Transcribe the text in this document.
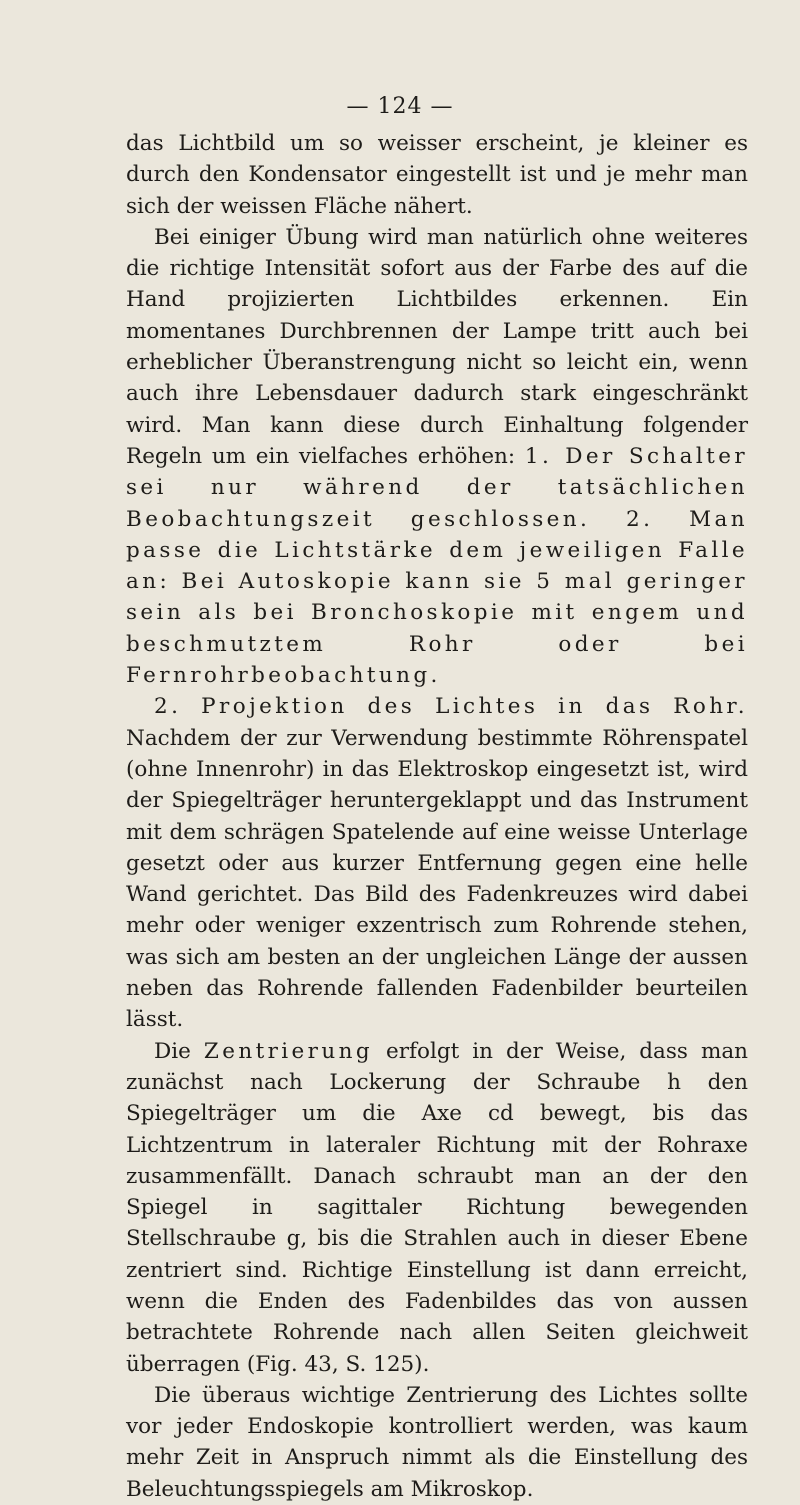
— 124 —

das Lichtbild um so weisser erscheint, je kleiner es durch den Kondensator eingestellt ist und je mehr man sich der weissen Fläche nähert.

Bei einiger Übung wird man natürlich ohne weiteres die richtige Intensität sofort aus der Farbe des auf die Hand projizierten Lichtbildes erkennen. Ein momentanes Durchbrennen der Lampe tritt auch bei erheblicher Überanstrengung nicht so leicht ein, wenn auch ihre Lebensdauer dadurch stark eingeschränkt wird. Man kann diese durch Einhaltung folgender Regeln um ein vielfaches erhöhen: 1. Der Schalter sei nur während der tatsächlichen Beobachtungszeit geschlossen. 2. Man passe die Lichtstärke dem jeweiligen Falle an: Bei Autoskopie kann sie 5 mal geringer sein als bei Bronchoskopie mit engem und beschmutztem Rohr oder bei Fernrohrbeobachtung.

2. Projektion des Lichtes in das Rohr. Nachdem der zur Verwendung bestimmte Röhrenspatel (ohne Innenrohr) in das Elektroskop eingesetzt ist, wird der Spiegelträger heruntergeklappt und das Instrument mit dem schrägen Spatelende auf eine weisse Unterlage gesetzt oder aus kurzer Entfernung gegen eine helle Wand gerichtet. Das Bild des Fadenkreuzes wird dabei mehr oder weniger exzentrisch zum Rohrende stehen, was sich am besten an der ungleichen Länge der aussen neben das Rohrende fallenden Fadenbilder beurteilen lässt.

Die Zentrierung erfolgt in der Weise, dass man zunächst nach Lockerung der Schraube h den Spiegelträger um die Axe cd bewegt, bis das Lichtzentrum in lateraler Richtung mit der Rohraxe zusammenfällt. Danach schraubt man an der den Spiegel in sagittaler Richtung bewegenden Stellschraube g, bis die Strahlen auch in dieser Ebene zentriert sind. Richtige Einstellung ist dann erreicht, wenn die Enden des Fadenbildes das von aussen betrachtete Rohrende nach allen Seiten gleichweit überragen (Fig. 43, S. 125).

Die überaus wichtige Zentrierung des Lichtes sollte vor jeder Endoskopie kontrolliert werden, was kaum mehr Zeit in Anspruch nimmt als die Einstellung des Beleuchtungsspiegels am Mikroskop.
